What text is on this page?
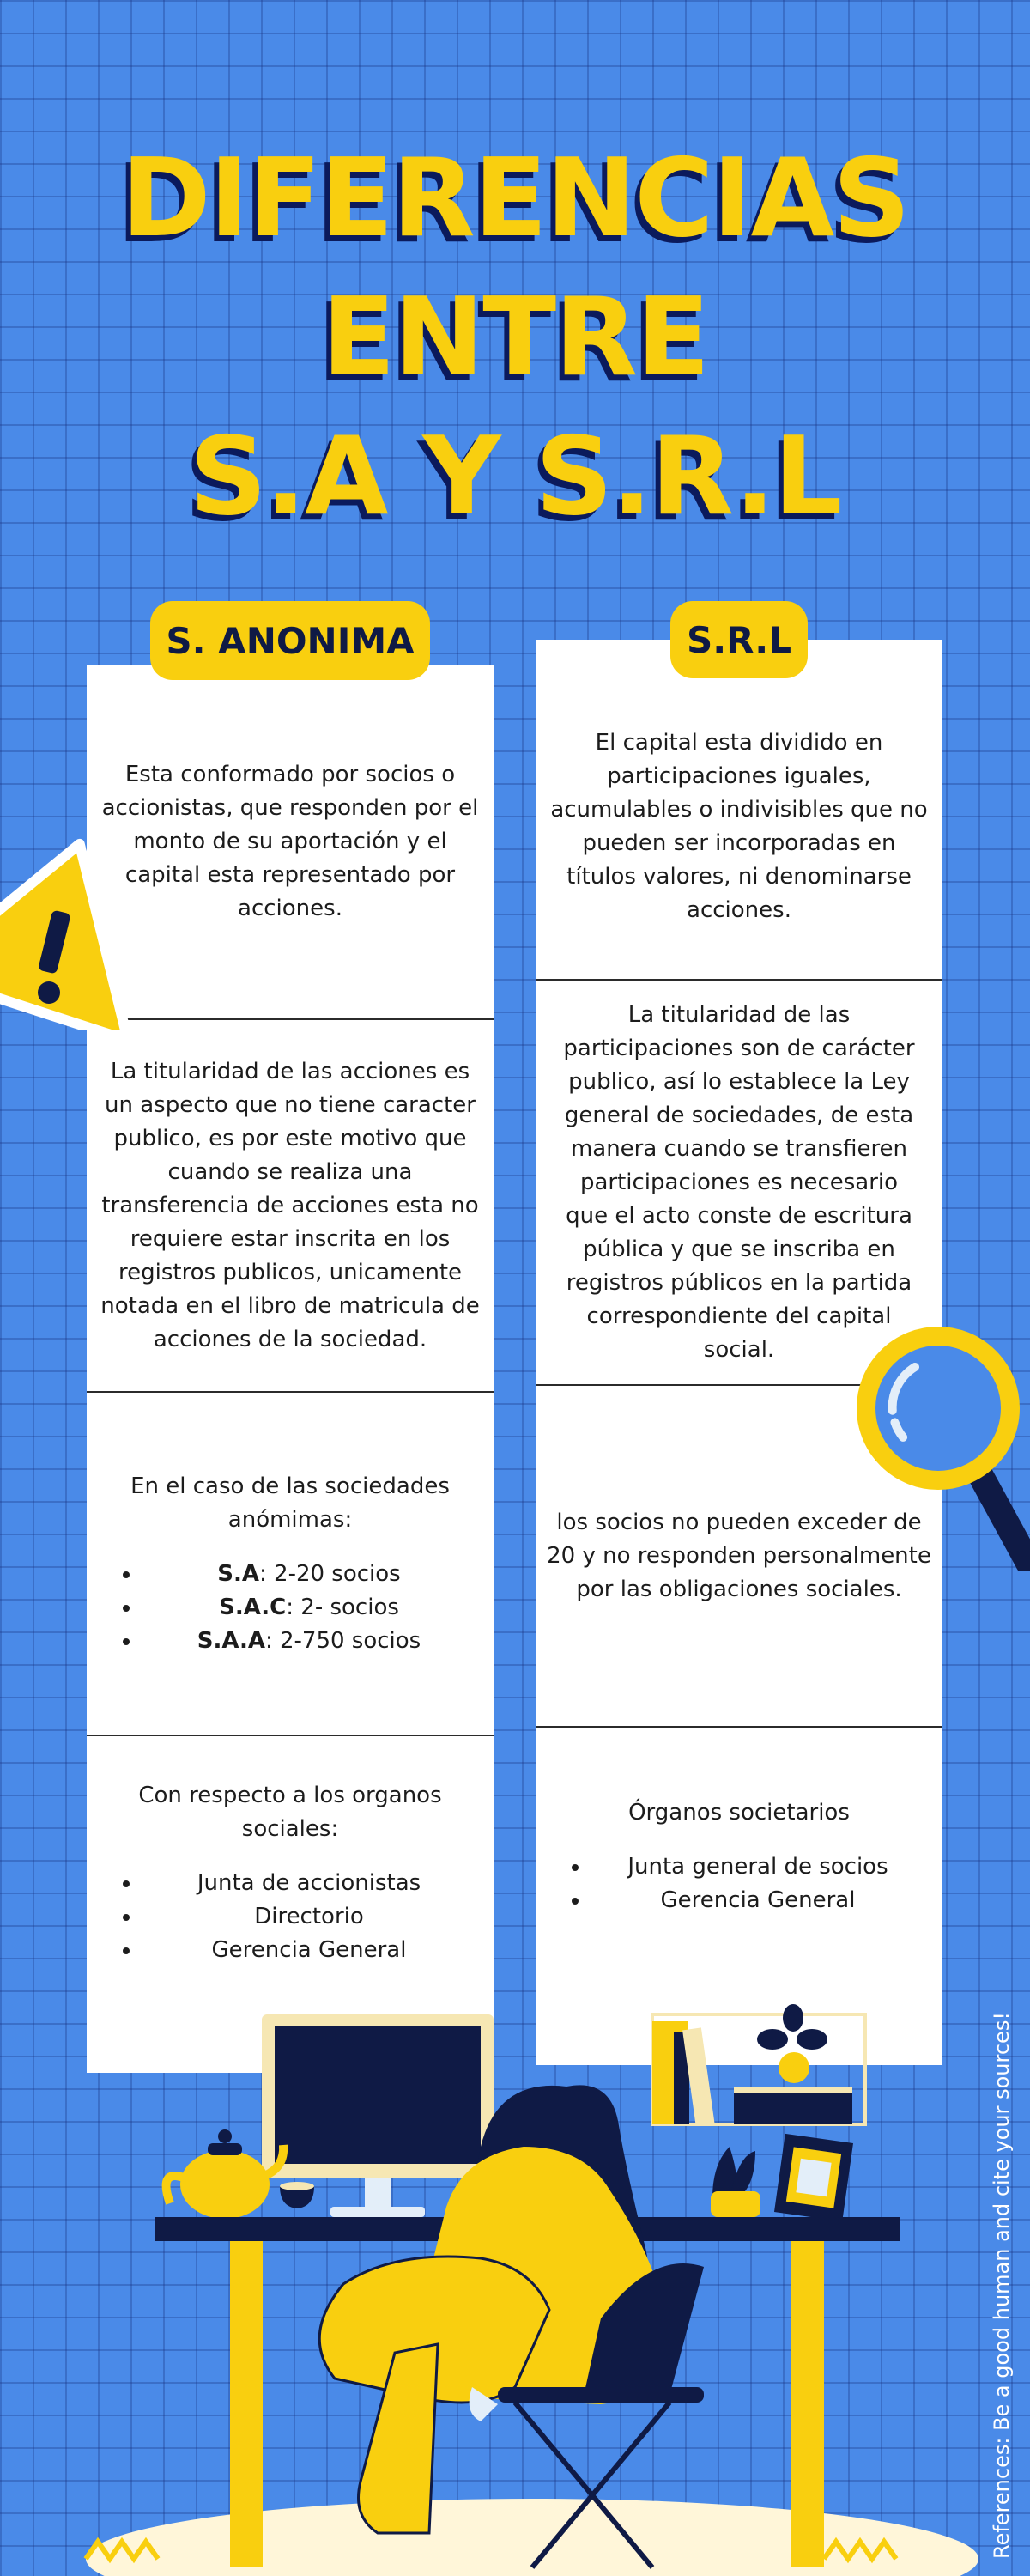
DIFERENCIAS
ENTRE
S.A Y S.R.L
Esta conformado por socios o accionistas, que responden por el monto de su aportación y el capital esta representado por acciones.
La titularidad de las acciones es un aspecto que no tiene caracter publico, es por este motivo que cuando se realiza una transferencia de acciones esta no requiere estar inscrita en los registros publicos, unicamente notada en el libro de matricula de acciones de la sociedad.
En el caso de las sociedades anómimas:
• S.A: 2-20 socios
• S.A.C: 2- socios
• S.A.A: 2-750 socios
Con respecto a los organos sociales:
• Junta de accionistas
• Directorio
• Gerencia General
El capital esta dividido en participaciones iguales, acumulables o indivisibles que no pueden ser incorporadas en títulos valores, ni denominarse acciones.
La titularidad de las participaciones son de carácter publico, así lo establece la Ley general de sociedades, de esta manera cuando se transfieren participaciones es necesario que el acto conste de escritura pública y que se inscriba en registros públicos en la partida correspondiente del capital social.
los socios no pueden exceder de 20 y no responden personalmente por las obligaciones sociales.
Órganos societarios
• Junta general de socios
• Gerencia General
S. ANONIMA	S.R.L
References: Be a good human and cite your sources!
